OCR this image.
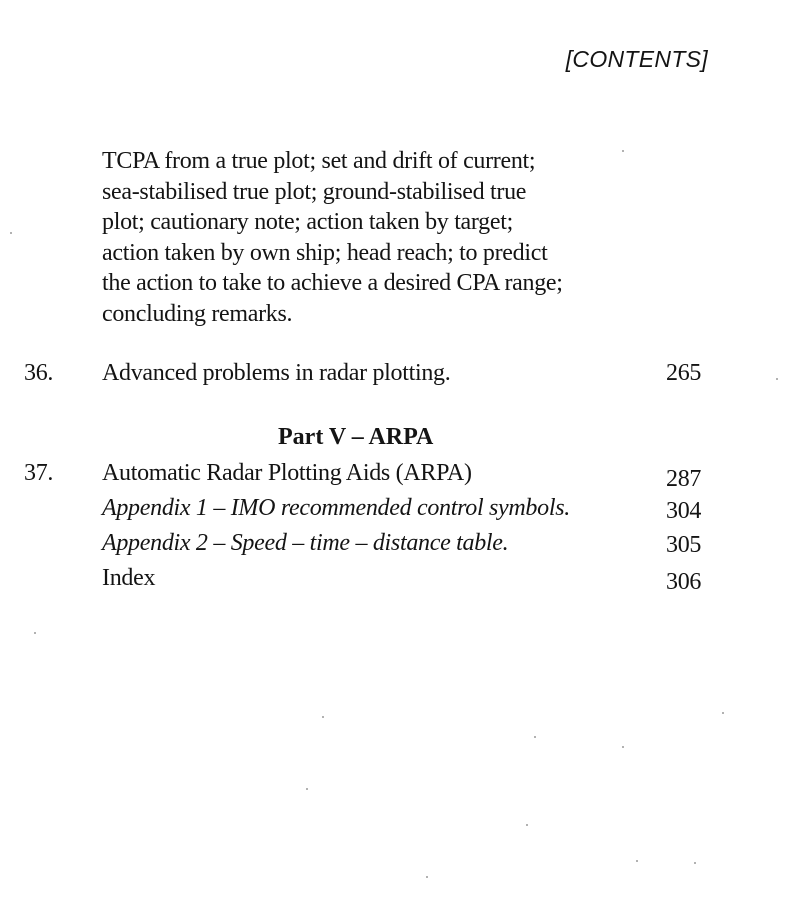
[CONTENTS]
TCPA from a true plot; set and drift of current;
sea-stabilised true plot; ground-stabilised true
plot; cautionary note; action taken by target;
action taken by own ship; head reach; to predict
the action to take to achieve a desired CPA range;
concluding remarks.
36. Advanced problems in radar plotting.	265
Part V – ARPA
37. Automatic Radar Plotting Aids (ARPA)	287
Appendix 1 – IMO recommended control symbols.	304
Appendix 2 – Speed – time – distance table.	305
Index	306
